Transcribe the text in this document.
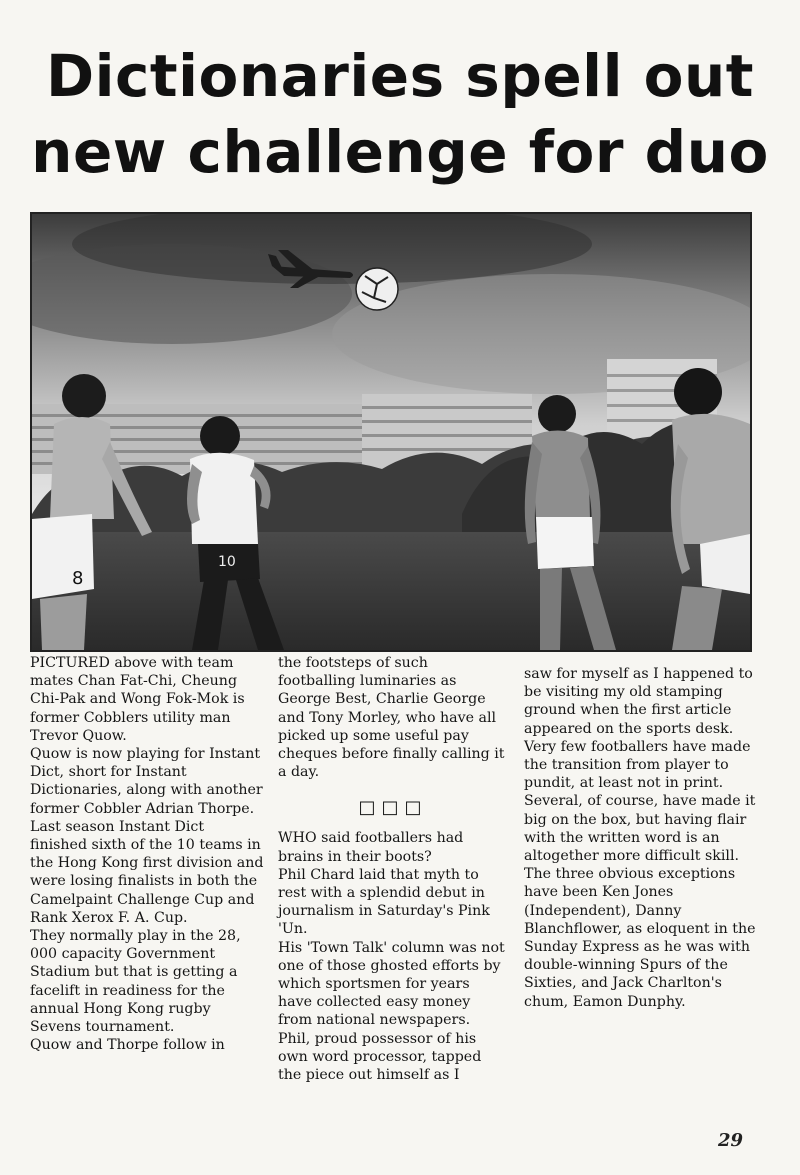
Dictionaries spell out
new challenge for duo
8
10

PICTURED above with team mates Chan Fat-Chi, Cheung Chi-Pak and Wong Fok-Mok is former Cobblers utility man Trevor Quow.

Quow is now playing for Instant Dict, short for Instant Dictionaries, along with another former Cobbler Adrian Thorpe.

Last season Instant Dict finished sixth of the 10 teams in the Hong Kong first division and were losing finalists in both the Camelpaint Challenge Cup and Rank Xerox F. A. Cup.

They normally play in the 28, 000 capacity Government Stadium but that is getting a facelift in readiness for the annual Hong Kong rugby Sevens tournament.

Quow and Thorpe follow in

the footsteps of such footballing luminaries as George Best, Charlie George and Tony Morley, who have all picked up some useful pay cheques before finally calling it a day.

□□□

WHO said footballers had brains in their boots?

Phil Chard laid that myth to rest with a splendid debut in journalism in Saturday's Pink 'Un.

His 'Town Talk' column was not one of those ghosted efforts by which sportsmen for years have collected easy money from national newspapers.

Phil, proud possessor of his own word processor, tapped the piece out himself as I

saw for myself as I happened to be visiting my old stamping ground when the first article appeared on the sports desk.

Very few footballers have made the transition from player to pundit, at least not in print.

Several, of course, have made it big on the box, but having flair with the written word is an altogether more difficult skill.

The three obvious exceptions have been Ken Jones (Independent), Danny Blanchflower, as eloquent in the Sunday Express as he was with double-winning Spurs of the Sixties, and Jack Charlton's chum, Eamon Dunphy.

29
